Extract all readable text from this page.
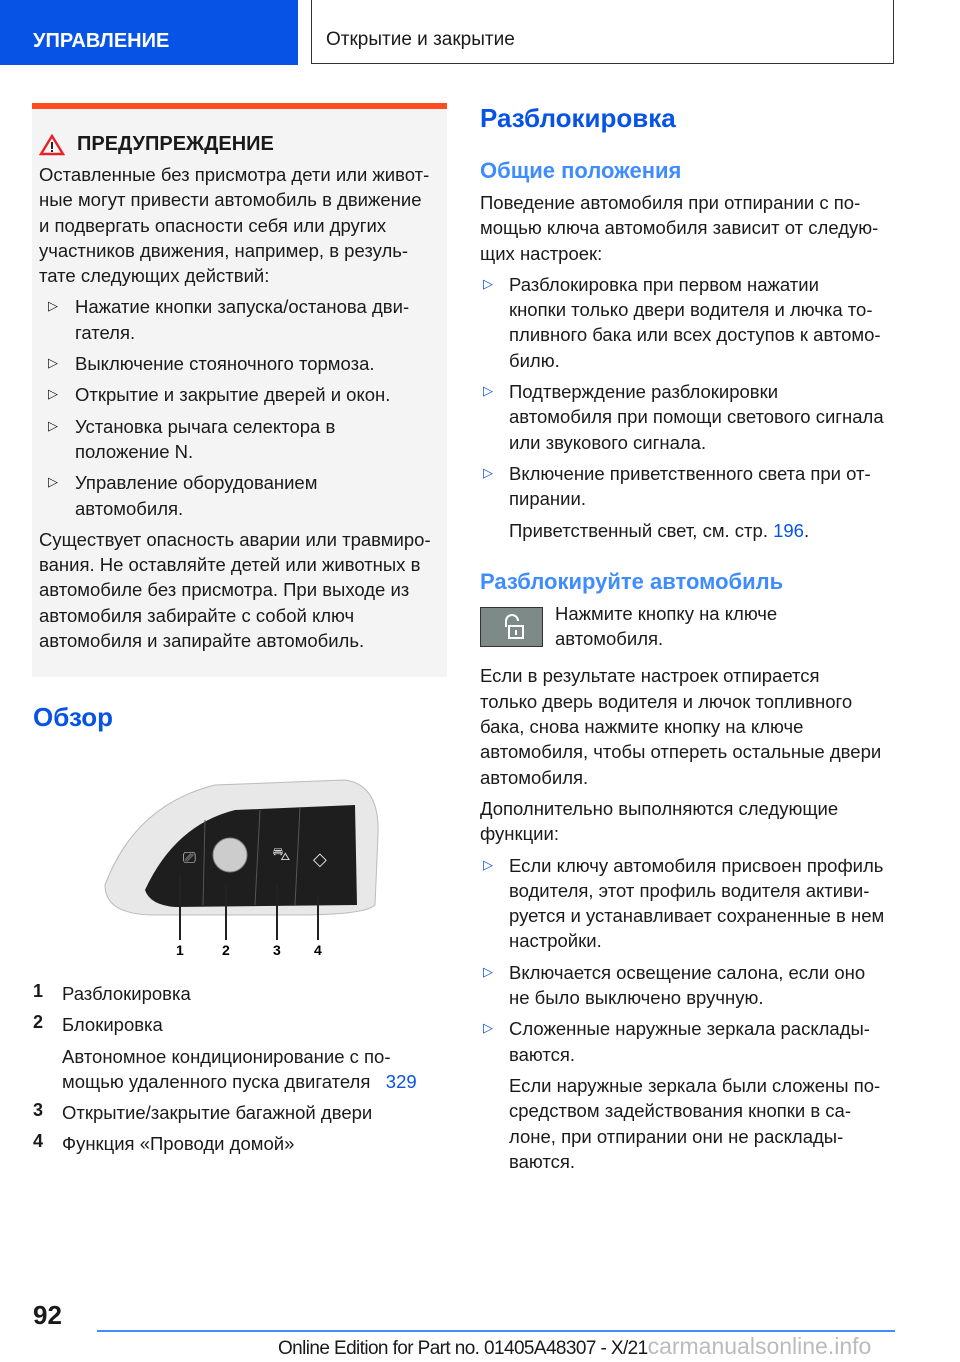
УПРАВЛЕНИЕ	Открытие и закрытие
ПРЕДУПРЕЖДЕНИЕ

Оставленные без присмотра дети или живот-
ные могут привести автомобиль в движение
и подвергать опасности себя или других
участников движения, например, в резуль-
тате следующих действий:

▷ Нажатие кнопки запуска/останова дви-
гателя.

▷ Выключение стояночного тормоза.

▷ Открытие и закрытие дверей и окон.

▷ Установка рычага селектора в
положение N.

▷ Управление оборудованием
автомобиля.

Существует опасность аварии или травмиро-
вания. Не оставляйте детей или животных в
автомобиле без присмотра. При выходе из
автомобиля забирайте с собой ключ
автомобиля и запирайте автомобиль.

Обзор
⎚	⛍ ◇
1	2	3 4
1	Разблокировка

2	Блокировка

Автономное кондиционирование с по-
мощью удаленного пуска двигателя 329

3	Открытие/закрытие багажной двери

4	Функция «Проводи домой»

Разблокировка
Общие положения

Поведение автомобиля при отпирании с по-
мощью ключа автомобиля зависит от следую-
щих настроек:

▷ Разблокировка при первом нажатии
кнопки только двери водителя и лючка то-
пливного бака или всех доступов к автомо-
билю.

▷ Подтверждение разблокировки
автомобиля при помощи светового сигнала
или звукового сигнала.

▷ Включение приветственного света при от-
пирании.

Приветственный свет, см. стр. 196.

Разблокируйте автомобиль

Нажмите кнопку на ключе
автомобиля.

Если в результате настроек отпирается
только дверь водителя и лючок топливного
бака, снова нажмите кнопку на ключе
автомобиля, чтобы отпереть остальные двери
автомобиля.

Дополнительно выполняются следующие
функции:

▷ Если ключу автомобиля присвоен профиль
водителя, этот профиль водителя активи-
руется и устанавливает сохраненные в нем
настройки.

▷ Включается освещение салона, если оно
не было выключено вручную.

▷ Сложенные наружные зеркала расклады-
ваются.

Если наружные зеркала были сложены по-
средством задействования кнопки в са-
лоне, при отпирании они не расклады-
ваются.

92
Online Edition for Part no. 01405A48307 - X/21carmanualsonline.info
